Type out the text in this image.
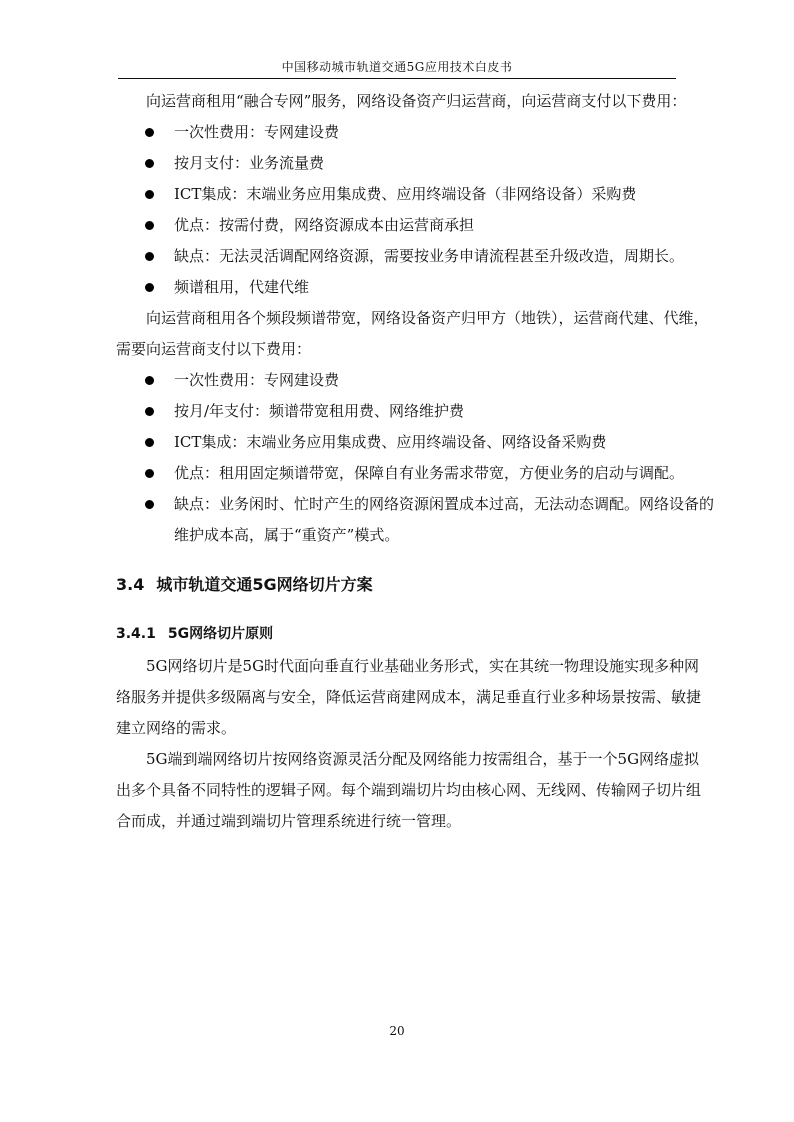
中国移动城市轨道交通5G应用技术白皮书

向运营商租用“融合专网”服务，网络设备资产归运营商，向运营商支付以下费用：

一次性费用：专网建设费
按月支付：业务流量费
ICT集成：末端业务应用集成费、应用终端设备（非网络设备）采购费
优点：按需付费，网络资源成本由运营商承担
缺点：无法灵活调配网络资源，需要按业务申请流程甚至升级改造，周期长。
频谱租用，代建代维

向运营商租用各个频段频谱带宽，网络设备资产归甲方（地铁），运营商代建、代维，需要向运营商支付以下费用：

一次性费用：专网建设费
按月/年支付：频谱带宽租用费、网络维护费
ICT集成：末端业务应用集成费、应用终端设备、网络设备采购费
优点：租用固定频谱带宽，保障自有业务需求带宽，方便业务的启动与调配。
缺点：业务闲时、忙时产生的网络资源闲置成本过高，无法动态调配。网络设备的维护成本高，属于“重资产”模式。
3.4 城市轨道交通5G网络切片方案
3.4.1 5G网络切片原则

5G网络切片是5G时代面向垂直行业基础业务形式，实在其统一物理设施实现多种网络服务并提供多级隔离与安全，降低运营商建网成本，满足垂直行业多种场景按需、敏捷建立网络的需求。

5G端到端网络切片按网络资源灵活分配及网络能力按需组合，基于一个5G网络虚拟出多个具备不同特性的逻辑子网。每个端到端切片均由核心网、无线网、传输网子切片组合而成，并通过端到端切片管理系统进行统一管理。

20
